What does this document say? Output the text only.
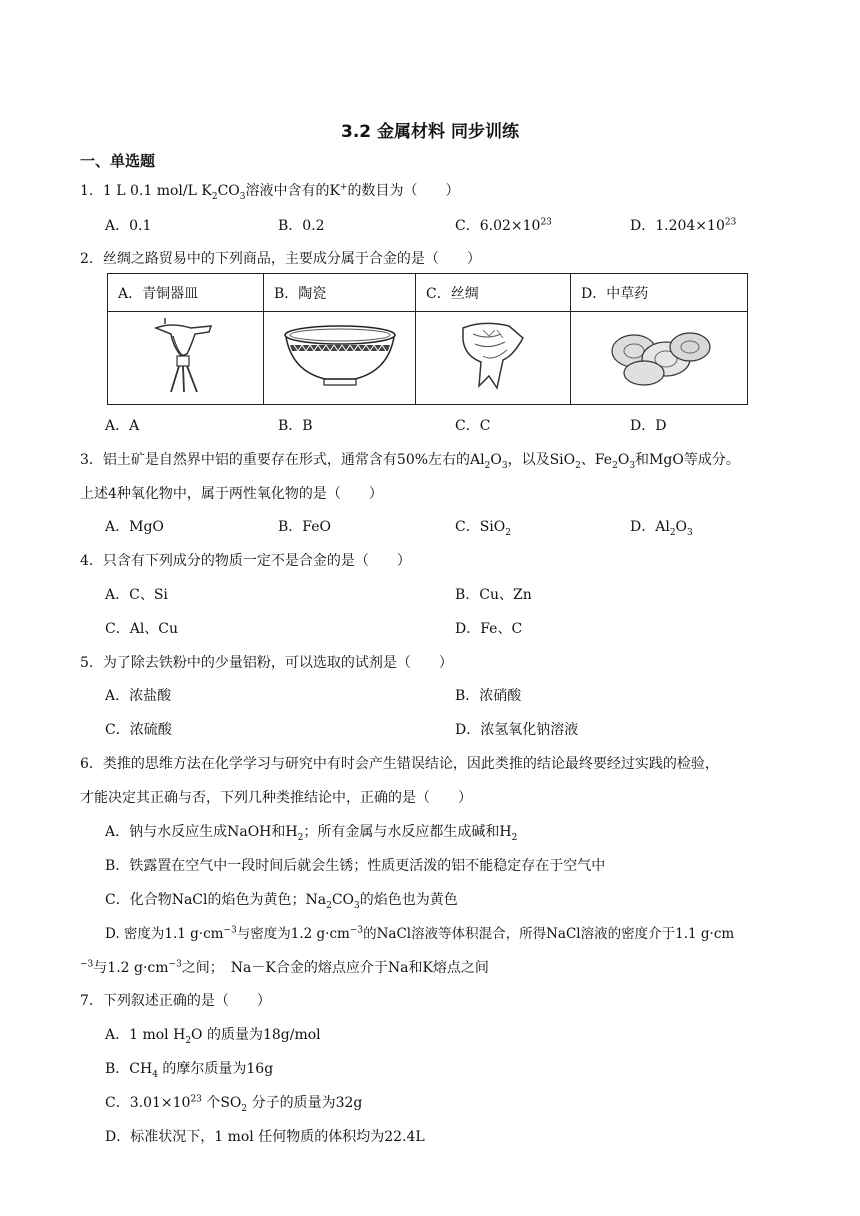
3.2 金属材料 同步训练
一、单选题
1．1 L 0.1 mol/L $K_2CO_3$溶液中含有的K+的数目为（　　）
A．0.1	B．0.2	C．$6.02\times 10^{23}$	D．$1.204\times 10^{23}$
2．丝绸之路贸易中的下列商品，主要成分属于合金的是（　　）
A．青铜器皿	B．陶瓷	C．丝绸	D．中草药

A．A	B．B	C．C	D．D
3．铝土矿是自然界中铝的重要存在形式，通常含有50%左右的$Al_2O_3$，以及SiO$_2$、$Fe_2O_3$和MgO等成分。
上述4种氧化物中，属于两性氧化物的是（　　）
A．MgO	B．FeO	C．SiO$_2$	D．$Al_2O_3$
4．只含有下列成分的物质一定不是合金的是（　　）
A．C、Si	B．Cu、Zn
C．Al、Cu	D．Fe、C
5．为了除去铁粉中的少量铝粉，可以选取的试剂是（　　）
A．浓盐酸	B．浓硝酸
C．浓硫酸	D．浓氢氧化钠溶液
6．类推的思维方法在化学学习与研究中有时会产生错误结论，因此类推的结论最终要经过实践的检验，
才能决定其正确与否，下列几种类推结论中，正确的是（　　）
A．钠与水反应生成NaOH和$H_2$；所有金属与水反应都生成碱和$H_2$
B．铁露置在空气中一段时间后就会生锈；性质更活泼的铝不能稳定存在于空气中
C．化合物NaCl的焰色为黄色；$Na_2CO_3$的焰色也为黄色
D. 密度为1.1 $g\cdot cm^{-3}$与密度为1.2 $g\cdot cm^{-3}$的NaCl溶液等体积混合，所得NaCl溶液的密度介于1.1 g·cm
$^{-3}$与1.2 $g\cdot cm^{-3}$之间；　Na－K合金的熔点应介于Na和K熔点之间
7．下列叙述正确的是（　　）
A．1 mol $H_2O$ 的质量为18g/mol
B．$CH_4$ 的摩尔质量为16g
C．$3.01\times 10^{23}$ 个$SO_2$ 分子的质量为32g
D．标准状况下，1 mol 任何物质的体积均为22.4L
